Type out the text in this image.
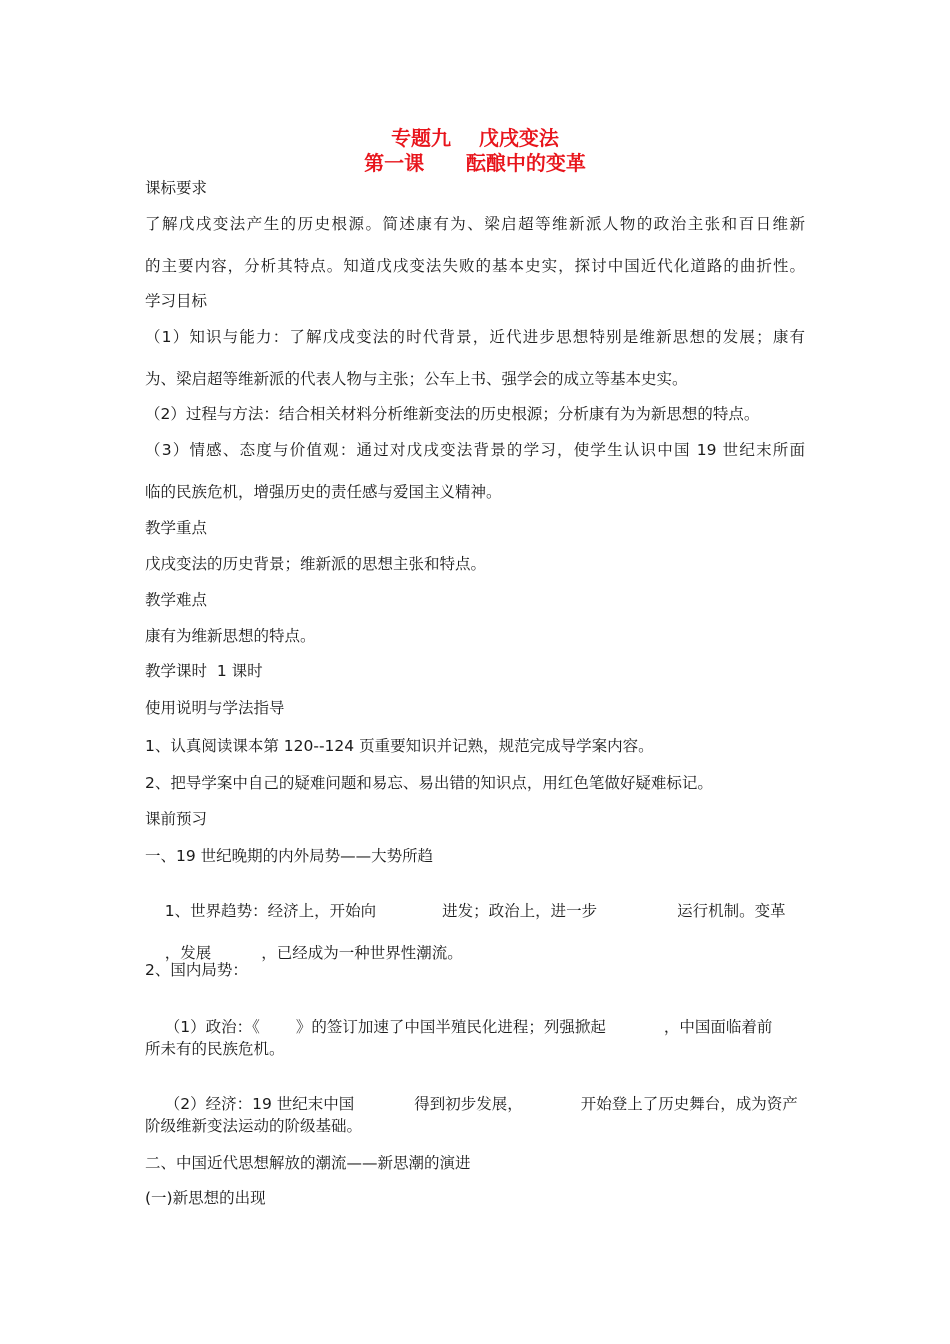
专题九    戊戌变法
第一课      酝酿中的变革
课标要求
了解戊戌变法产生的历史根源。简述康有为、梁启超等维新派人物的政治主张和百日维新
的主要内容，分析其特点。知道戊戌变法失败的基本史实，探讨中国近代化道路的曲折性。
学习目标
（1）知识与能力：了解戊戌变法的时代背景，近代进步思想特别是维新思想的发展；康有
为、梁启超等维新派的代表人物与主张；公车上书、强学会的成立等基本史实。
（2）过程与方法：结合相关材料分析维新变法的历史根源；分析康有为为新思想的特点。
（3）情感、态度与价值观：通过对戊戌变法背景的学习，使学生认识中国 19 世纪末所面
临的民族危机，增强历史的责任感与爱国主义精神。
教学重点
戊戌变法的历史背景；维新派的思想主张和特点。
教学难点
康有为维新思想的特点。
教学课时  1 课时
使用说明与学法指导
1、认真阅读课本第 120--124 页重要知识并记熟，规范完成导学案内容。
2、把导学案中自己的疑难问题和易忘、易出错的知识点，用红色笔做好疑难标记。
课前预习
一、19 世纪晚期的内外局势——大势所趋

1、世界趋势：经济上，开始向	进发；政治上，进一步	运行机制。变革

，发展	，已经成为一种世界性潮流。

2、国内局势：

（1）政治：《 》的签订加速了中国半殖民化进程；列强掀起	，中国面临着前

所未有的民族危机。

（2）经济：19 世纪末中国	得到初步发展，	开始登上了历史舞台，成为资产

阶级维新变法运动的阶级基础。
二、中国近代思想解放的潮流——新思潮的演进
(一)新思想的出现
